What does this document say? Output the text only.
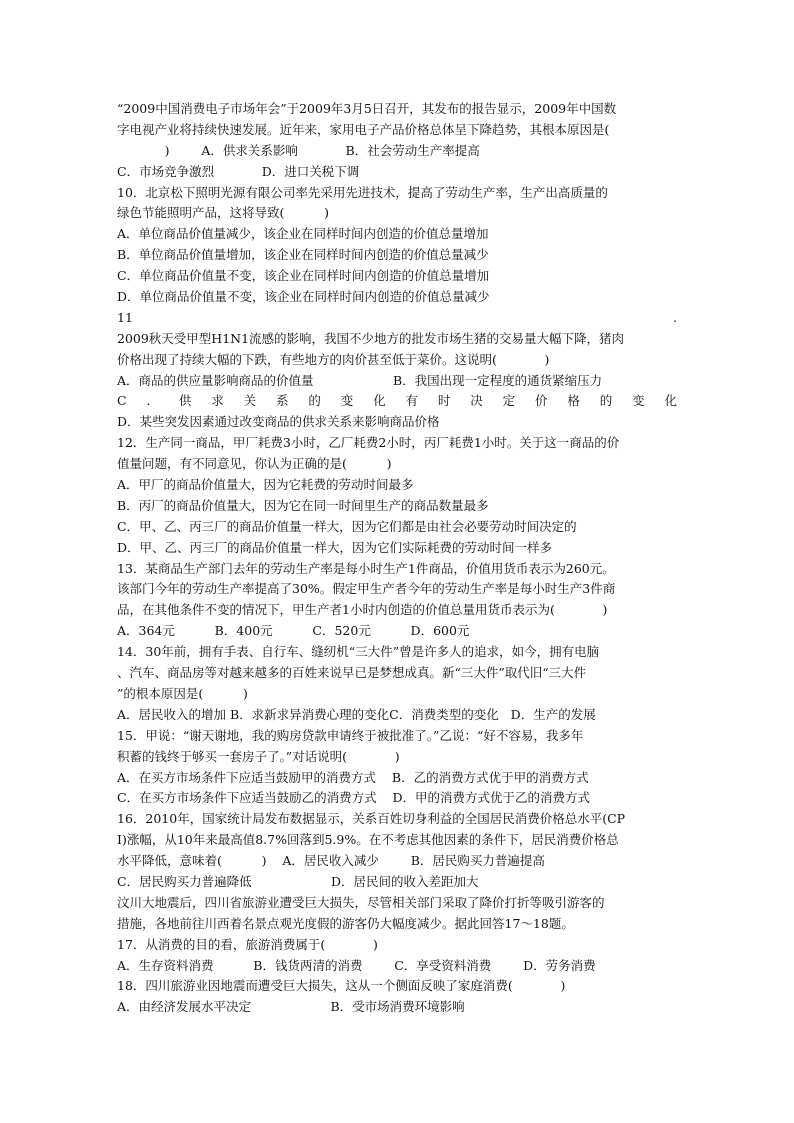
“2009中国消费电子市场年会”于2009年3月5日召开，其发布的报告显示，2009年中国数
字电视产业将持续快速发展。近年来，家用电子产品价格总体呈下降趋势，其根本原因是(
)        A．供求关系影响            B．社会劳动生产率提高
C．市场竞争激烈            D．进口关税下调
10．北京松下照明光源有限公司率先采用先进技术，提高了劳动生产率，生产出高质量的
绿色节能照明产品，这将导致(          )
A．单位商品价值量减少，该企业在同样时间内创造的价值总量增加
B．单位商品价值量增加，该企业在同样时间内创造的价值总量减少
C．单位商品价值量不变，该企业在同样时间内创造的价值总量增加
D．单位商品价值量不变，该企业在同样时间内创造的价值总量减少
11	.
2009秋天受甲型H1N1流感的影响，我国不少地方的批发市场生猪的交易量大幅下降，猪肉
价格出现了持续大幅的下跌，有些地方的肉价甚至低于菜价。这说明(            )
A．商品的供应量影响商品的价值量                    B．我国出现一定程度的通货紧缩压力
C ． 供 求 关 系 的 变 化 有 时 决 定 价 格 的 变 化
D．某些突发因素通过改变商品的供求关系来影响商品价格
12．生产同一商品，甲厂耗费3小时，乙厂耗费2小时，丙厂耗费1小时。关于这一商品的价
值量问题，有不同意见，你认为正确的是(          )
A．甲厂的商品价值量大，因为它耗费的劳动时间最多
B．丙厂的商品价值量大，因为它在同一时间里生产的商品数量最多
C．甲、乙、丙三厂的商品价值量一样大，因为它们都是由社会必要劳动时间决定的
D．甲、乙、丙三厂的商品价值量一样大，因为它们实际耗费的劳动时间一样多
13．某商品生产部门去年的劳动生产率是每小时生产1件商品，价值用货币表示为260元。
该部门今年的劳动生产率提高了30%。假定甲生产者今年的劳动生产率是每小时生产3件商
品，在其他条件不变的情况下，甲生产者1小时内创造的价值总量用货币表示为(            )
A．364元          B．400元          C．520元          D．600元
14．30年前，拥有手表、自行车、缝纫机“三大件”曾是许多人的追求，如今，拥有电脑
、汽车、商品房等对越来越多的百姓来说早已是梦想成真。新“三大件”取代旧“三大件
”的根本原因是(          )
A．居民收入的增加 B．求新求异消费心理的变化C．消费类型的变化   D．生产的发展
15．甲说：“谢天谢地，我的购房贷款申请终于被批准了。”乙说：“好不容易，我多年
积蓄的钱终于够买一套房子了。”对话说明(            )
A．在买方市场条件下应适当鼓励甲的消费方式    B．乙的消费方式优于甲的消费方式
C．在买方市场条件下应适当鼓励乙的消费方式    D．甲的消费方式优于乙的消费方式
16．2010年，国家统计局发布数据显示，关系百姓切身利益的全国居民消费价格总水平(CP
I)涨幅，从10年来最高值8.7%回落到5.9%。在不考虑其他因素的条件下，居民消费价格总
水平降低，意味着(          )    A．居民收入减少        B．居民购买力普遍提高
C．居民购买力普遍降低                    D．居民间的收入差距加大
汶川大地震后，四川省旅游业遭受巨大损失，尽管相关部门采取了降价打折等吸引游客的
措施，各地前往川西着名景点观光度假的游客仍大幅度减少。据此回答17～18题。
17．从消费的目的看，旅游消费属于(            )
A．生存资料消费          B．钱货两清的消费        C．享受资料消费        D．劳务消费
18．四川旅游业因地震而遭受巨大损失，这从一个侧面反映了家庭消费(            )
A．由经济发展水平决定                    B．受市场消费环境影响
